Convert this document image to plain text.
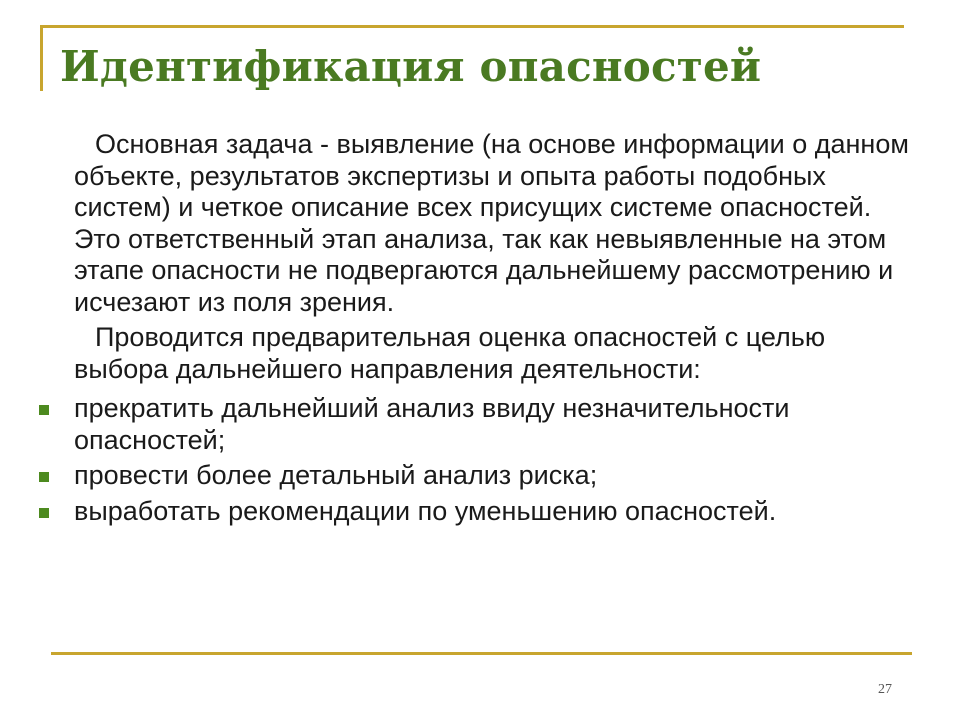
Идентификация опасностей

Основная задача - выявление (на основе информации о данном объекте, результатов экспертизы и опыта работы подобных систем) и четкое описание всех присущих системе опасностей. Это ответственный этап анализа, так как невыявленные на этом этапе опасности не подвергаются дальнейшему рассмотрению и исчезают из поля зрения.

Проводится предварительная оценка опасностей с целью выбора дальнейшего направления деятельности:

прекратить дальнейший анализ ввиду незначительности опасностей;
провести более детальный анализ риска;
выработать рекомендации по уменьшению опасностей.
27
